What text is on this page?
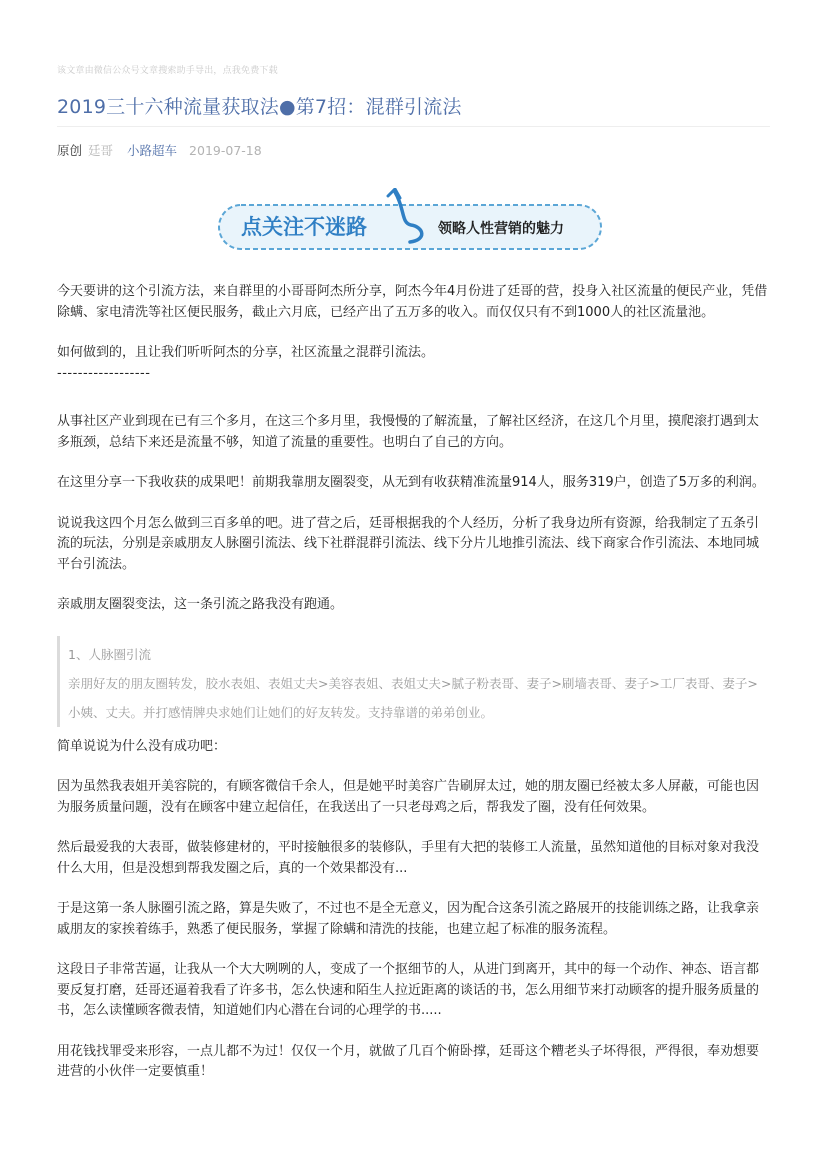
该文章由微信公众号文章搜索助手导出，点我免费下载
2019三十六种流量获取法●第7招：混群引流法
原创 廷哥 小路超车 2019-07-18
点关注不迷路	领略人性营销的魅力

今天要讲的这个引流方法，来自群里的小哥哥阿杰所分享，阿杰今年4月份进了廷哥的营，投身入社区流量的便民产业，凭借除螨、家电清洗等社区便民服务，截止六月底，已经产出了五万多的收入。而仅仅只有不到1000人的社区流量池。

如何做到的，且让我们听听阿杰的分享，社区流量之混群引流法。

------------------

从事社区产业到现在已有三个多月，在这三个多月里，我慢慢的了解流量，了解社区经济，在这几个月里，摸爬滚打遇到太多瓶颈，总结下来还是流量不够，知道了流量的重要性。也明白了自己的方向。

在这里分享一下我收获的成果吧！前期我靠朋友圈裂变，从无到有收获精准流量914人，服务319户，创造了5万多的利润。

说说我这四个月怎么做到三百多单的吧。进了营之后，廷哥根据我的个人经历，分析了我身边所有资源，给我制定了五条引流的玩法，分别是亲戚朋友人脉圈引流法、线下社群混群引流法、线下分片儿地推引流法、线下商家合作引流法、本地同城平台引流法。

亲戚朋友圈裂变法，这一条引流之路我没有跑通。

1、人脉圈引流
亲朋好友的朋友圈转发，胶水表姐、表姐丈夫>美容表姐、表姐丈夫>腻子粉表哥、妻子>刷墙表哥、妻子>工厂表哥、妻子>小姨、丈夫。并打感情牌央求她们让她们的好友转发。支持靠谱的弟弟创业。

简单说说为什么没有成功吧：

因为虽然我表姐开美容院的，有顾客微信千余人，但是她平时美容广告刷屏太过，她的朋友圈已经被太多人屏蔽，可能也因为服务质量问题，没有在顾客中建立起信任，在我送出了一只老母鸡之后，帮我发了圈，没有任何效果。

然后最爱我的大表哥，做装修建材的，平时接触很多的装修队，手里有大把的装修工人流量，虽然知道他的目标对象对我没什么大用，但是没想到帮我发圈之后，真的一个效果都没有...

于是这第一条人脉圈引流之路，算是失败了，不过也不是全无意义，因为配合这条引流之路展开的技能训练之路，让我拿亲戚朋友的家挨着练手，熟悉了便民服务，掌握了除螨和清洗的技能，也建立起了标准的服务流程。

这段日子非常苦逼，让我从一个大大咧咧的人，变成了一个抠细节的人，从进门到离开，其中的每一个动作、神态、语言都要反复打磨，廷哥还逼着我看了许多书，怎么快速和陌生人拉近距离的谈话的书，怎么用细节来打动顾客的提升服务质量的书，怎么读懂顾客微表情，知道她们内心潜在台词的心理学的书.....

用花钱找罪受来形容，一点儿都不为过！仅仅一个月，就做了几百个俯卧撑，廷哥这个糟老头子坏得很，严得很，奉劝想要进营的小伙伴一定要慎重！
